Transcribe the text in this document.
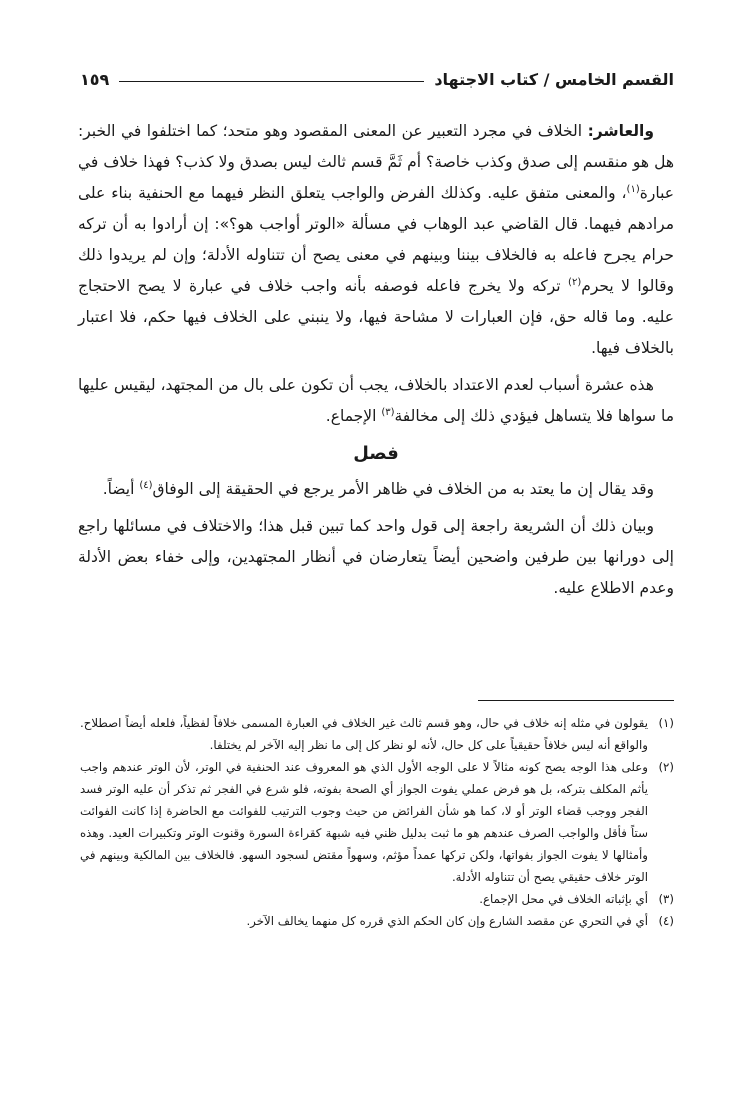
القسم الخامس / كتاب الاجتهاد
١٥٩

والعاشر: الخلاف في مجرد التعبير عن المعنى المقصود وهو متحد؛ كما اختلفوا في الخبر: هل هو منقسم إلى صدق وكذب خاصة؟ أم ثَمَّ قسم ثالث ليس بصدق ولا كذب؟ فهذا خلاف في عبارة$^{(١)}$، والمعنى متفق عليه. وكذلك الفرض والواجب يتعلق النظر فيهما مع الحنفية بناء على مرادهم فيهما. قال القاضي عبد الوهاب في مسألة «الوتر أواجب هو؟»: إن أرادوا به أن تركه حرام يجرح فاعله به فالخلاف بيننا وبينهم في معنى يصح أن تتناوله الأدلة؛ وإن لم يريدوا ذلك وقالوا لا يحرم$^{(٢)}$ تركه ولا يخرج فاعله فوصفه بأنه واجب خلاف في عبارة لا يصح الاحتجاج عليه. وما قاله حق، فإن العبارات لا مشاحة فيها، ولا ينبني على الخلاف فيها حكم، فلا اعتبار بالخلاف فيها.

هذه عشرة أسباب لعدم الاعتداد بالخلاف، يجب أن تكون على بال من المجتهد، ليقيس عليها ما سواها فلا يتساهل فيؤدي ذلك إلى مخالفة$^{(٣)}$ الإجماع.

فصل

وقد يقال إن ما يعتد به من الخلاف في ظاهر الأمر يرجع في الحقيقة إلى الوفاق$^{(٤)}$ أيضاً.

وبيان ذلك أن الشريعة راجعة إلى قول واحد كما تبين قبل هذا؛ والاختلاف في مسائلها راجع إلى دورانها بين طرفين واضحين أيضاً يتعارضان في أنظار المجتهدين، وإلى خفاء بعض الأدلة وعدم الاطلاع عليه.

(١)
يقولون في مثله إنه خلاف في حال، وهو قسم ثالث غير الخلاف في العبارة المسمى خلافاً لفظياً، فلعله أيضاً اصطلاح. والواقع أنه ليس خلافاً حقيقياً على كل حال، لأنه لو نظر كل إلى ما نظر إليه الآخر لم يختلفا.
(٢)
وعلى هذا الوجه يصح كونه مثالاً لا على الوجه الأول الذي هو المعروف عند الحنفية في الوتر، لأن الوتر عندهم واجب يأثم المكلف بتركه، بل هو فرض عملي يفوت الجواز أي الصحة بفوته، فلو شرع في الفجر ثم تذكر أن عليه الوتر فسد الفجر ووجب قضاء الوتر أو لا، كما هو شأن الفرائض من حيث وجوب الترتيب للفوائت مع الحاضرة إذا كانت الفوائت ستاً فأقل والواجب الصرف عندهم هو ما ثبت بدليل ظني فيه شبهة كقراءة السورة وقنوت الوتر وتكبيرات العيد. وهذه وأمثالها لا يفوت الجواز بفواتها، ولكن تركها عمداً مؤثم، وسهواً مقتض لسجود السهو. فالخلاف بين المالكية وبينهم في الوتر خلاف حقيقي يصح أن تتناوله الأدلة.
(٣)
أي بإثباته الخلاف في محل الإجماع.
(٤)
أي في التحري عن مقصد الشارع وإن كان الحكم الذي قرره كل منهما يخالف الآخر.
